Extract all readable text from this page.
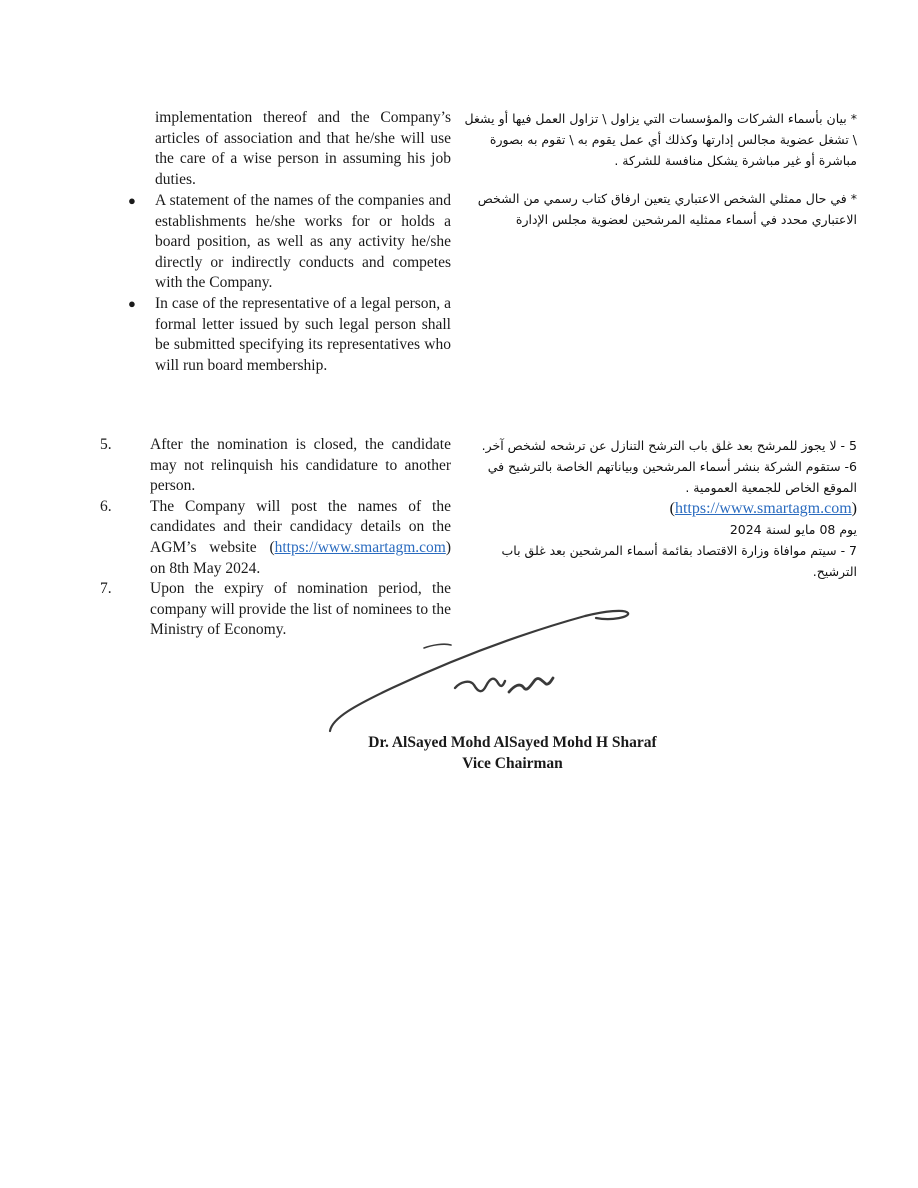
implementation thereof and the Company’s articles of association and that he/she will use the care of a wise person in assuming his job duties.

● A statement of the names of the companies and establishments he/she works for or holds a board position, as well as any activity he/she directly or indirectly conducts and competes with the Company.
● In case of the representative of a legal person, a formal letter issued by such legal person shall be submitted specifying its representatives who will run board membership.
5. After the nomination is closed, the candidate may not relinquish his candidature to another person.
6. The Company will post the names of the candidates and their candidacy details on the AGM’s website (https://www.smartagm.com) on 8th May 2024.
7. Upon the expiry of nomination period, the company will provide the list of nominees to the Ministry of Economy.
* بيان بأسماء الشركات والمؤسسات التي يزاول \ تزاول العمل فيها أو يشغل \ تشغل عضوية مجالس إدارتها وكذلك أي عمل يقوم به \ تقوم به بصورة مباشرة أو غير مباشرة يشكل منافسة للشركة .
* في حال ممثلي الشخص الاعتباري يتعين ارفاق كتاب رسمي من الشخص الاعتباري محدد في أسماء ممثليه المرشحين لعضوية مجلس الإدارة
5 - لا يجوز للمرشح بعد غلق باب الترشح التنازل عن ترشحه لشخص آخر.
6- ستقوم الشركة بنشر أسماء المرشحين وبياناتهم الخاصة بالترشيح في الموقع الخاص للجمعية العمومية .
(https://www.smartagm.com)
يوم 08 مايو لسنة 2024
7 - سيتم موافاة وزارة الاقتصاد بقائمة أسماء المرشحين بعد غلق باب الترشيح.
Dr. AlSayed Mohd AlSayed Mohd H Sharaf
Vice Chairman
